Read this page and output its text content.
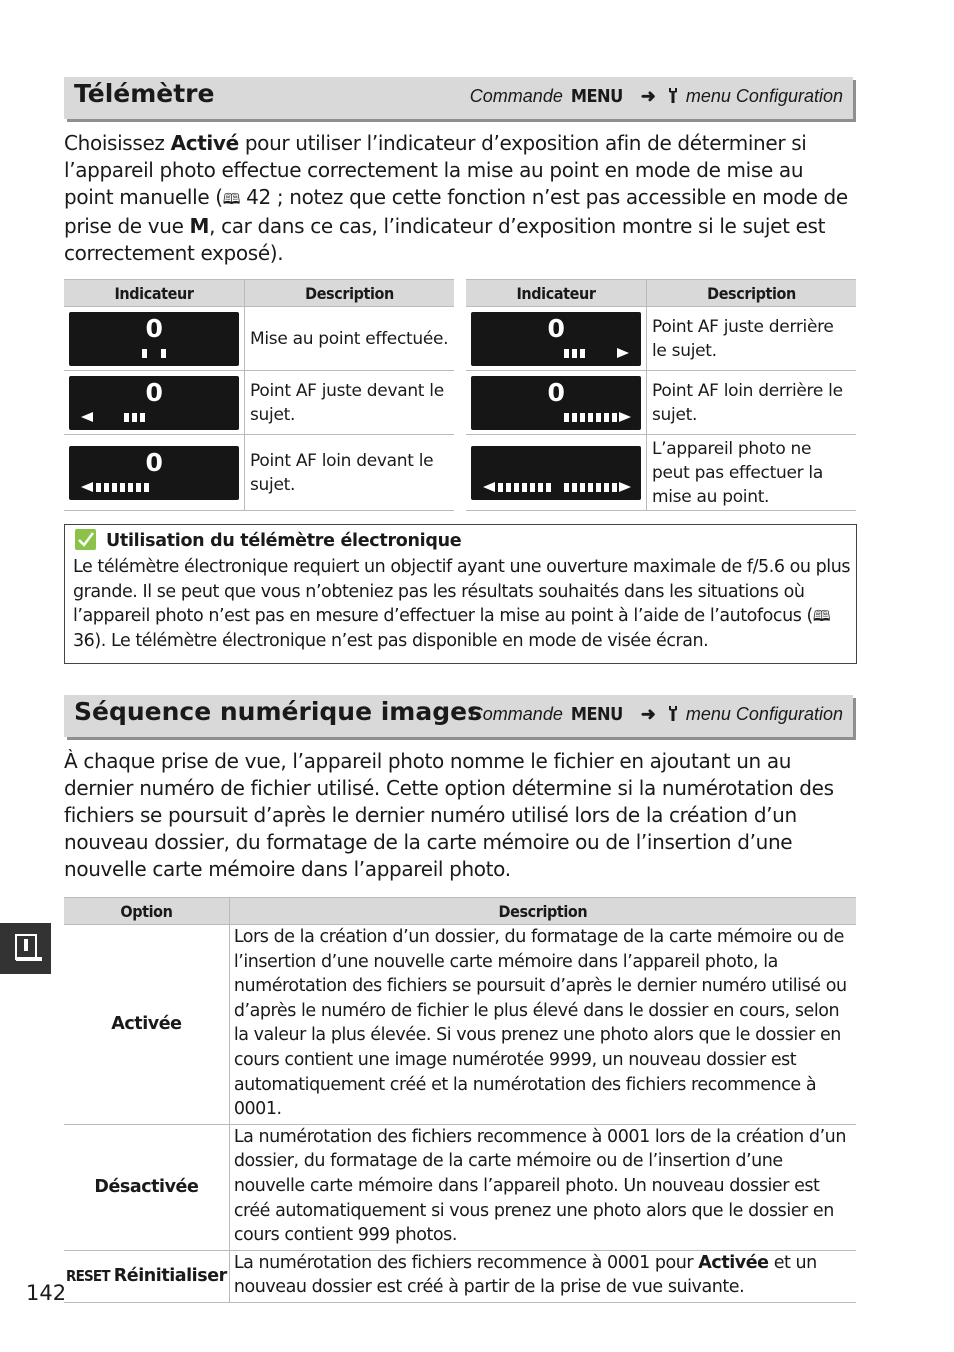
Télémètre	Commande MENU ➜ menu Configuration
Choisissez Activé pour utiliser l’indicateur d’exposition afin de déterminer si l’appareil photo effectue correctement la mise au point en mode de mise au point manuelle (🕮 42 ; notez que cette fonction n’est pas accessible en mode de prise de vue M, car dans ce cas, l’indicateur d’exposition montre si le sujet est correctement exposé).
Indicateur	Description

0	Mise au point effectuée.

0	Point AF juste devant le sujet.

0	Point AF loin devant le sujet.
Indicateur	Description

0	Point AF juste derrière le sujet.

0	Point AF loin derrière le sujet.

	L’appareil photo ne peut pas effectuer la mise au point.
Utilisation du télémètre électronique
Le télémètre électronique requiert un objectif ayant une ouverture maximale de f/5.6 ou plus grande. Il se peut que vous n’obteniez pas les résultats souhaités dans les situations où l’appareil photo n’est pas en mesure d’effectuer la mise au point à l’aide de l’autofocus (🕮 36). Le télémètre électronique n’est pas disponible en mode de visée écran.
Séquence numérique images
Commande MENU ➜ menu Configuration
À chaque prise de vue, l’appareil photo nomme le fichier en ajoutant un au dernier numéro de fichier utilisé. Cette option détermine si la numérotation des fichiers se poursuit d’après le dernier numéro utilisé lors de la création d’un nouveau dossier, du formatage de la carte mémoire ou de l’insertion d’une nouvelle carte mémoire dans l’appareil photo.
Option	Description
Activée	Lors de la création d’un dossier, du formatage de la carte mémoire ou de l’insertion d’une nouvelle carte mémoire dans l’appareil photo, la numérotation des fichiers se poursuit d’après le dernier numéro utilisé ou d’après le numéro de fichier le plus élevé dans le dossier en cours, selon la valeur la plus élevée. Si vous prenez une photo alors que le dossier en cours contient une image numérotée 9999, un nouveau dossier est automatiquement créé et la numérotation des fichiers recommence à 0001.
Désactivée	La numérotation des fichiers recommence à 0001 lors de la création d’un dossier, du formatage de la carte mémoire ou de l’insertion d’une nouvelle carte mémoire dans l’appareil photo. Un nouveau dossier est créé automatiquement si vous prenez une photo alors que le dossier en cours contient 999 photos.
RESET Réinitialiser	La numérotation des fichiers recommence à 0001 pour Activée et un nouveau dossier est créé à partir de la prise de vue suivante.
142
